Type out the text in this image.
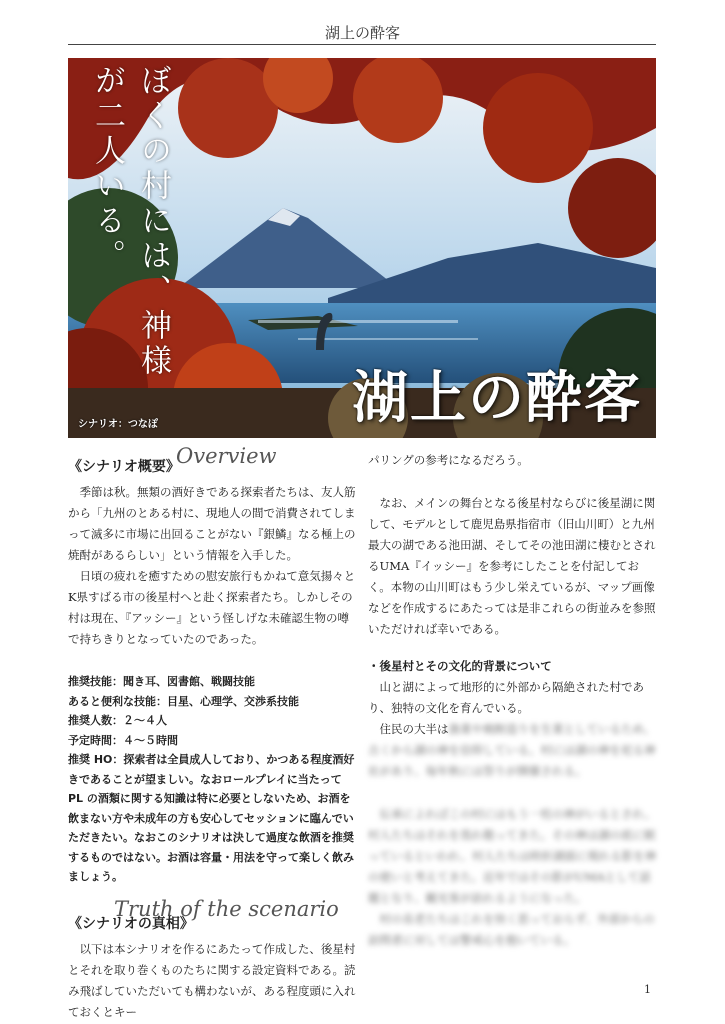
湖上の酔客
ぼくの村には、神様が二人いる。
湖上の酔客
シナリオ：つなぽ
Overview
《シナリオ概要》

季節は秋。無類の酒好きである探索者たちは、友人筋から「九州のとある村に、現地人の間で消費されてしまって滅多に市場に出回ることがない『銀鱗』なる極上の焼酎があるらしい」という情報を入手した。

日頃の疲れを癒すための慰安旅行もかねて意気揚々とK県すばる市の後星村へと赴く探索者たち。しかしその村は現在、『アッシー』という怪しげな未確認生物の噂で持ちきりとなっていたのであった。

推奨技能：聞き耳、図書館、戦闘技能

あると便利な技能：目星、心理学、交渉系技能

推奨人数：２〜４人

予定時間：４〜５時間

推奨 HO：探索者は全員成人しており、かつある程度酒好きであることが望ましい。なおロールプレイに当たって PL の酒類に関する知識は特に必要としないため、お酒を飲まない方や未成年の方も安心してセッションに臨んでいただきたい。なおこのシナリオは決して過度な飲酒を推奨するものではない。お酒は容量・用法を守って楽しく飲みましょう。

Truth of the scenario
《シナリオの真相》

以下は本シナリオを作るにあたって作成した、後星村とそれを取り巻くものたちに関する設定資料である。読み飛ばしていただいても構わないが、ある程度頭に入れておくとキー

パリングの参考になるだろう。

なお、メインの舞台となる後星村ならびに後星湖に関して、モデルとして鹿児島県指宿市（旧山川町）と九州最大の湖である池田湖、そしてその池田湖に棲むとされるUMA『イッシー』を参考にしたことを付記しておく。本物の山川町はもう少し栄えているが、マップ画像などを作成するにあたっては是非これらの街並みを参照いただければ幸いである。

・後星村とその文化的背景について

山と湖によって地形的に外部から隔絶された村であり、独特の文化を育んでいる。

住民の大半は漁業や焼酎造りを生業としているため、古くから湖の神を信仰している。村には湖の神を祀る神社があり、毎年秋には祭りが開催される。

伝承によればこの村にはもう一柱の神がいるとされ、村人たちはそれを畏れ敬ってきた。その神は湖の底に眠っているといわれ、村人たちは時折湖面に現れる影を神の使いと考えてきた。近年ではその影がUMAとして話題となり、観光客が訪れるようになった。

村の長老たちはこれを快く思っておらず、外部からの訪問者に対しては警戒心を抱いている。

1
